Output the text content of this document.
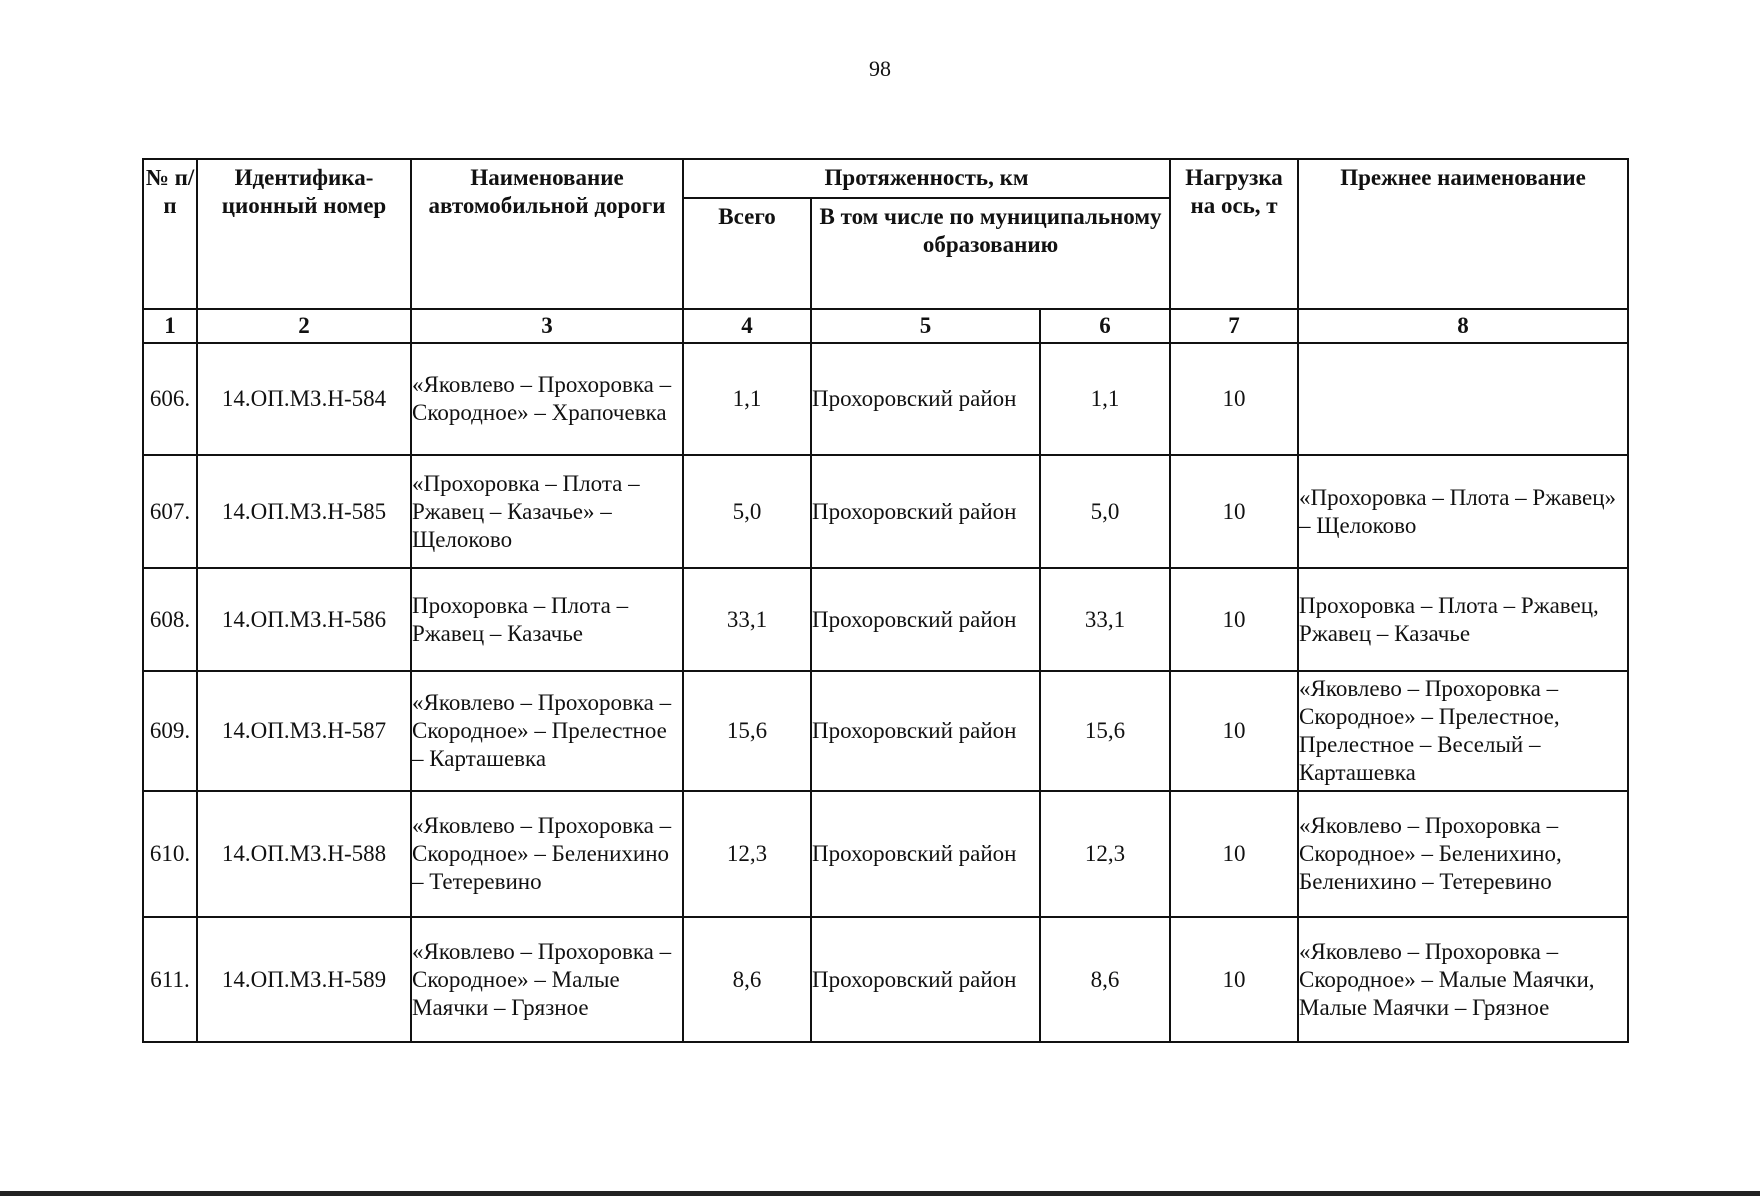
98
№ п/п	Идентифика-ционный номер	Наименование автомобильной дороги	Протяженность, км			Нагрузка на ось, т	Прежнее наименование
			Всего	В том числе по муниципальному образованию			
1	2	3	4	5	6	7	8
606.	14.ОП.МЗ.Н-584	«Яковлево – Прохоровка – Скородное» – Храпочевка	1,1	Прохоровский район	1,1	10	
607.	14.ОП.МЗ.Н-585	«Прохоровка – Плота – Ржавец – Казачье» – Щелоково	5,0	Прохоровский район	5,0	10	«Прохоровка – Плота – Ржавец» – Щелоково
608.	14.ОП.МЗ.Н-586	Прохоровка – Плота – Ржавец – Казачье	33,1	Прохоровский район	33,1	10	Прохоровка – Плота – Ржавец, Ржавец – Казачье
609.	14.ОП.МЗ.Н-587	«Яковлево – Прохоровка – Скородное» – Прелестное – Карташевка	15,6	Прохоровский район	15,6	10	«Яковлево – Прохоровка – Скородное» – Прелестное, Прелестное – Веселый – Карташевка
610.	14.ОП.МЗ.Н-588	«Яковлево – Прохоровка – Скородное» – Беленихино – Тетеревино	12,3	Прохоровский район	12,3	10	«Яковлево – Прохоровка – Скородное» – Беленихино, Беленихино – Тетеревино
611.	14.ОП.МЗ.Н-589	«Яковлево – Прохоровка – Скородное» – Малые Маячки – Грязное	8,6	Прохоровский район	8,6	10	«Яковлево – Прохоровка – Скородное» – Малые Маячки, Малые Маячки – Грязное
